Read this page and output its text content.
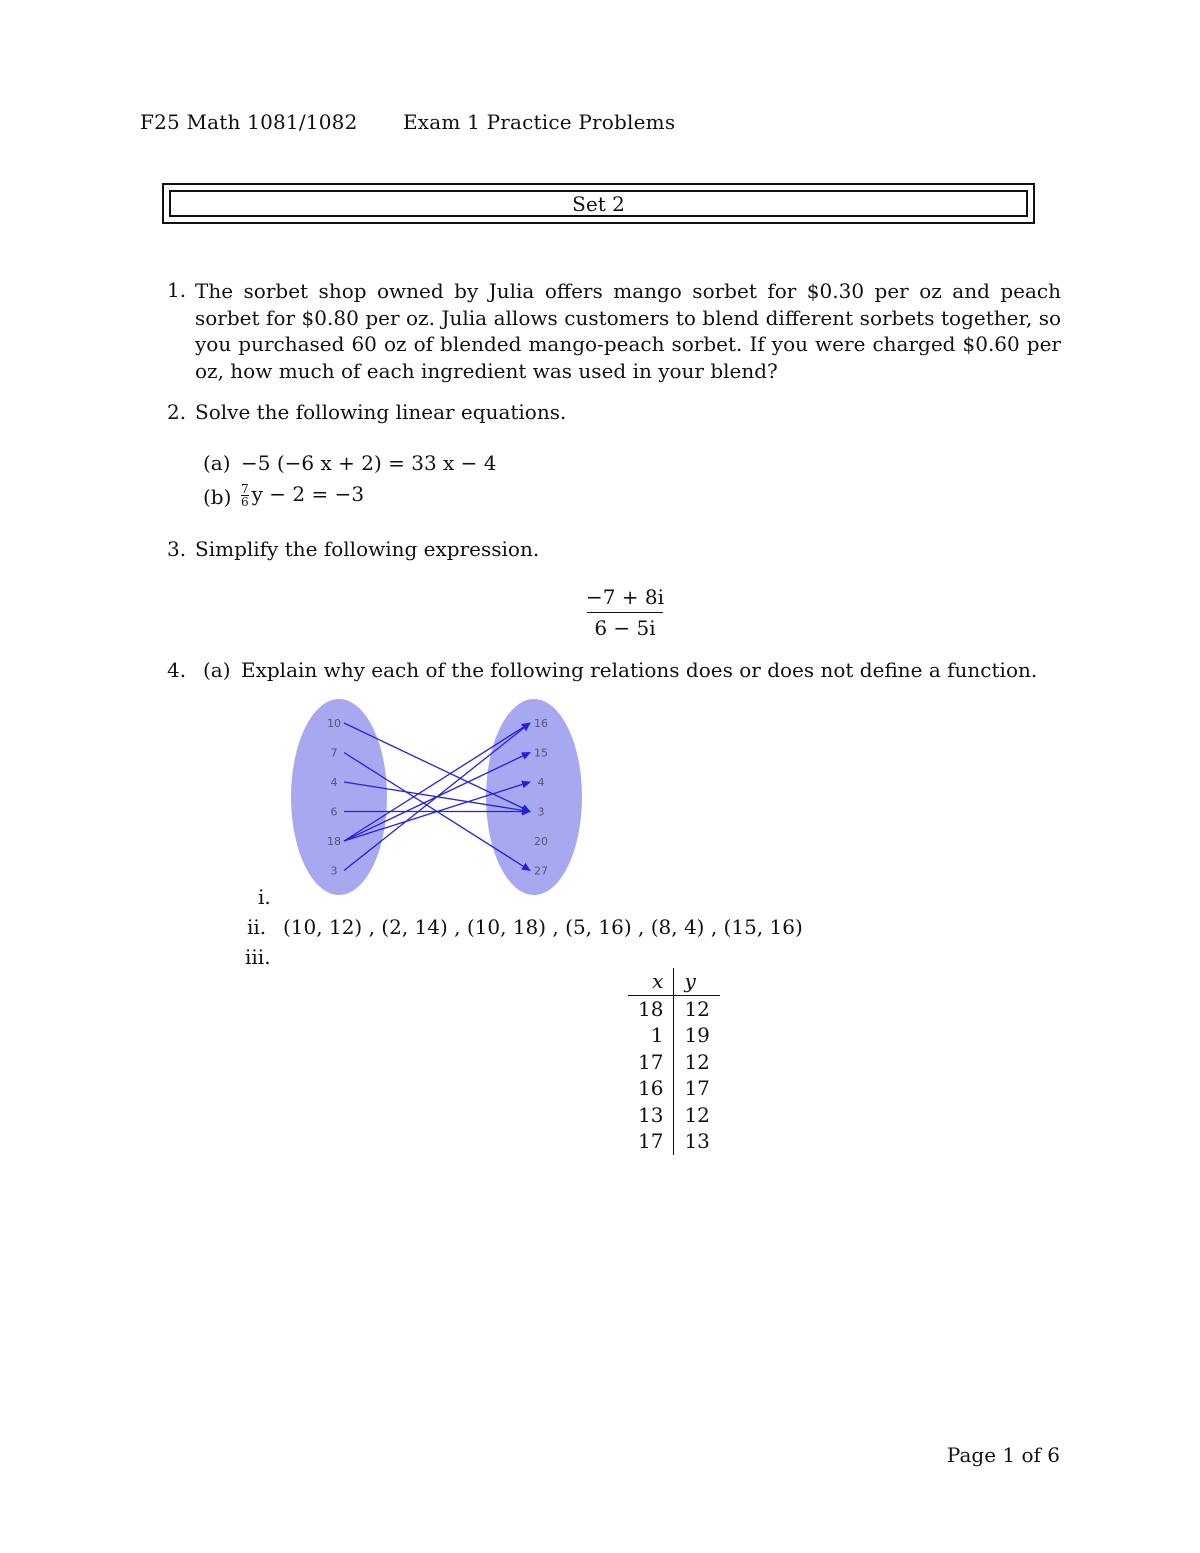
F25 Math 1081/1082 Exam 1 Practice Problems
Set 2
1. The sorbet shop owned by Julia offers mango sorbet for $0.30 per oz and peach sorbet for $0.80 per oz. Julia allows customers to blend different sorbets together, so you purchased 60 oz of blended mango-peach sorbet. If you were charged $0.60 per oz, how much of each ingredient was used in your blend?
2. Solve the following linear equations.
(a) −5 (−6 x + 2) = 33 x − 4
$(b) \frac{7}{6}$ y − 2 = −3
3. Simplify the following expression.
−7 + 8i
6 − 5i
4. (a) Explain why each of the following relations does or does not define a function.
10
7
4
6
18
3
16
15
4
3
20
27
i.
ii. (10, 12) , (2, 14) , (10, 18) , (5, 16) , (8, 4) , (15, 16)
iii.
x	y
18	12
1	19
17	12
16	17
13	12
17	13
Page 1 of 6
